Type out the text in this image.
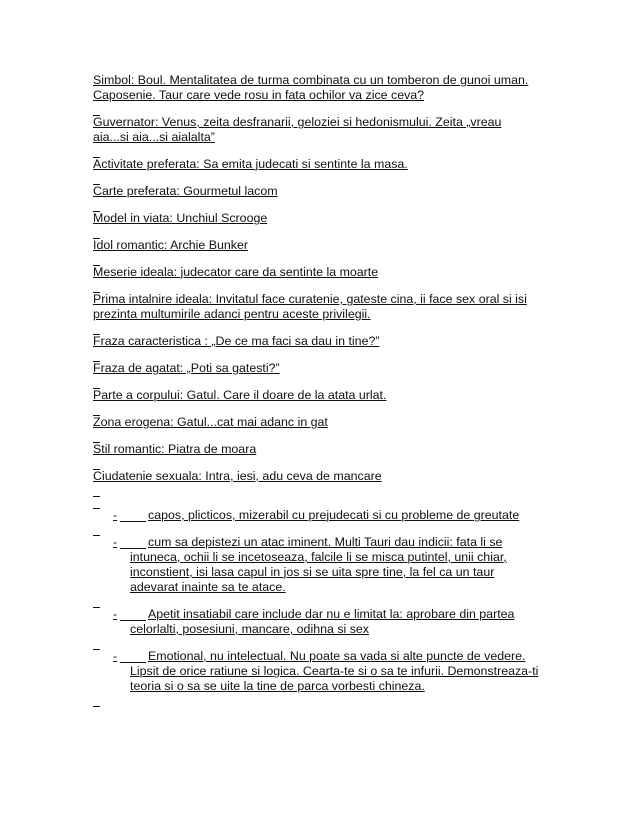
Simbol: Boul. Mentalitatea de turma combinata cu un tomberon de gunoi uman.
Caposenie. Taur care vede rosu in fata ochilor va zice ceva?
Guvernator: Venus, zeita desfranarii, geloziei si hedonismului. Zeita „vreau
aia...si aia...si aialalta”
Activitate preferata: Sa emita judecati si sentinte la masa.
Carte preferata: Gourmetul lacom
Model in viata: Unchiul Scrooge
Idol romantic: Archie Bunker
Meserie ideala: judecator care da sentinte la moarte
Prima intalnire ideala: Invitatul face curatenie, gateste cina, ii face sex oral si isi
prezinta multumirile adanci pentru aceste privilegii.
Fraza caracteristica : „De ce ma faci sa dau in tine?”
Fraza de agatat: „Poti sa gatesti?”
Parte a corpului: Gatul. Care il doare de la atata urlat.
Zona erogena: Gatul...cat mai adanc in gat
Stil romantic: Piatra de moara
Ciudatenie sexuala: Intra, iesi, adu ceva de mancare
-	capos, plicticos, mizerabil cu prejudecati si cu probleme de greutate
-	cum sa depistezi un atac iminent. Multi Tauri dau indicii: fata li se
intuneca, ochii li se incetoseaza, falcile li se misca putintel, unii chiar,
inconstient, isi lasa capul in jos si se uita spre tine, la fel ca un taur
adevarat inainte sa te atace.
-	Apetit insatiabil care include dar nu e limitat la: aprobare din partea
celorlalti, posesiuni, mancare, odihna si sex
-	Emotional, nu intelectual. Nu poate sa vada si alte puncte de vedere.
Lipsit de orice ratiune si logica. Cearta-te si o sa te infurii. Demonstreaza-ti
teoria si o sa se uite la tine de parca vorbesti chineza.
